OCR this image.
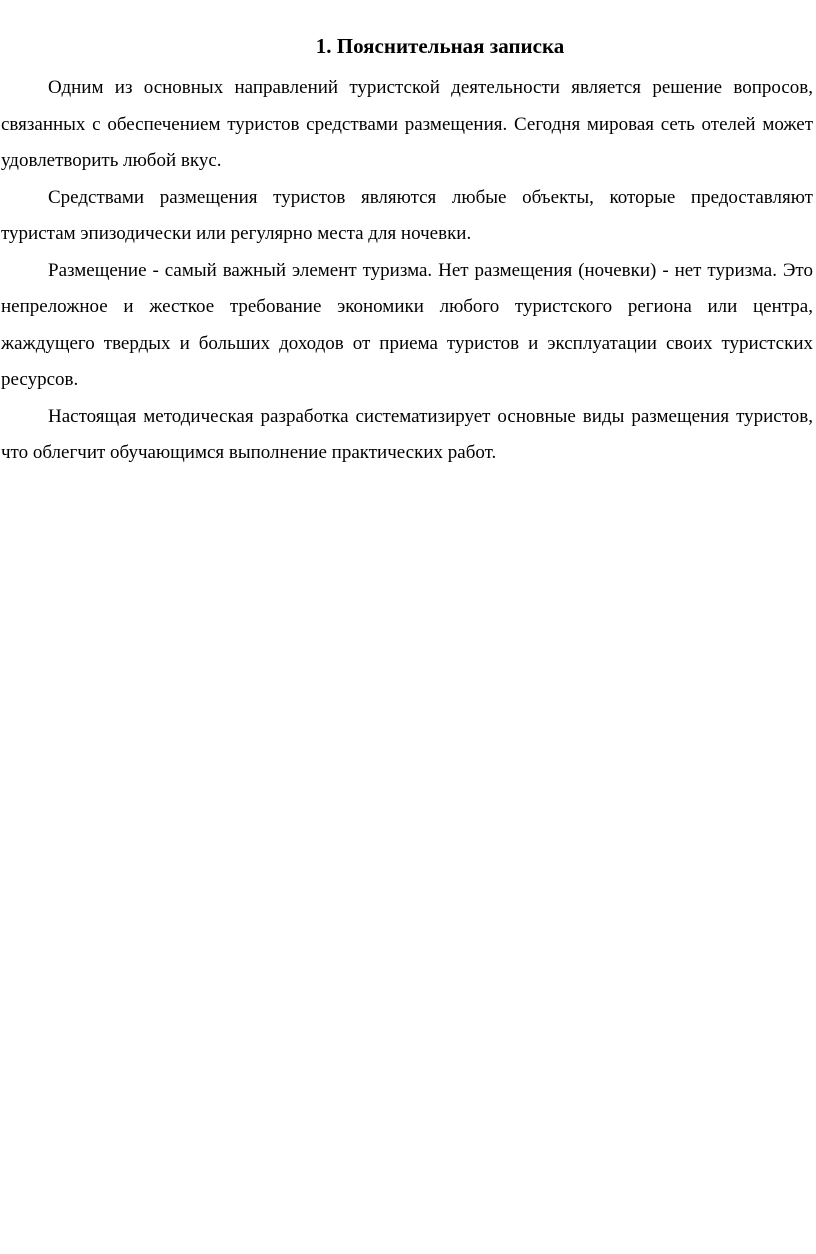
1. Пояснительная записка

Одним из основных направлений туристской деятельности является решение вопросов, связанных с обеспечением туристов средствами размещения. Сегодня мировая сеть отелей может удовлетворить любой вкус.

Средствами размещения туристов являются любые объекты, которые предоставляют туристам эпизодически или регулярно места для ночевки.

Размещение - самый важный элемент туризма. Нет размещения (ночевки) - нет туризма. Это непреложное и жесткое требование экономики любого туристского региона или центра, жаждущего твердых и больших доходов от приема туристов и эксплуатации своих туристских ресурсов.

Настоящая методическая разработка систематизирует основные виды размещения туристов, что облегчит обучающимся выполнение практических работ.
